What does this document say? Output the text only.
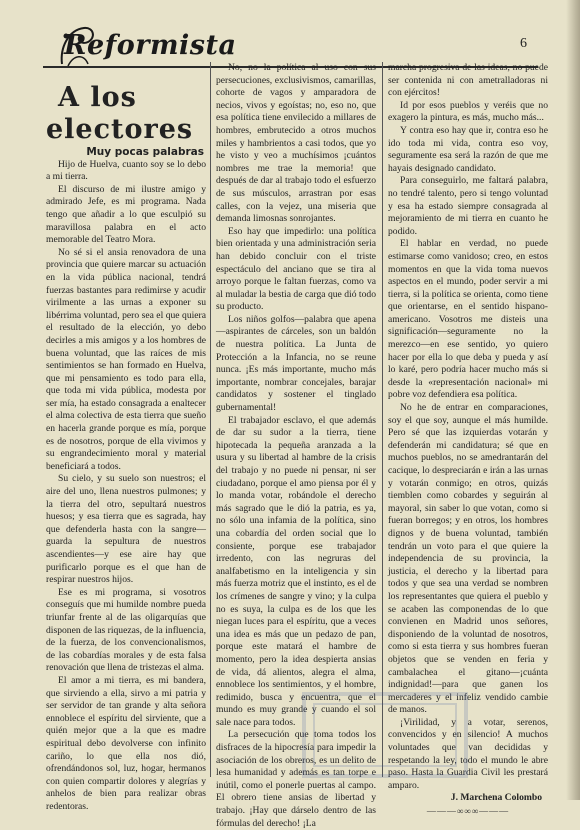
Reformista	6

A los electores

Muy pocas palabras

Hijo de Huelva, cuanto soy se lo debo a mi tierra.

El discurso de mi ilustre amigo y admirado Jefe, es mi programa. Nada tengo que añadir a lo que esculpió su maravillosa palabra en el acto memorable del Teatro Mora.

No sé si el ansia renovadora de una provincia que quiere marcar su actuación en la vida pública nacional, tendrá fuerzas bastantes para redimirse y acudir virilmente a las urnas a exponer su libérrima voluntad, pero sea el que quiera el resultado de la elección, yo debo decirles a mis amigos y a los hombres de buena voluntad, que las raíces de mis sentimientos se han formado en Huelva, que mi pensamiento es todo para ella, que toda mi vida pública, modesta por ser mía, ha estado consagrada a enaltecer el alma colectiva de esta tierra que sueño en hacerla grande porque es mía, porque es de nosotros, porque de ella vivimos y su engrandecimiento moral y material beneficiará a todos.

Su cielo, y su suelo son nuestros; el aire del uno, llena nuestros pulmones; y la tierra del otro, sepultará nuestros huesos; y esa tierra que es sagrada, hay que defenderla hasta con la sangre—guarda la sepultura de nuestros ascendientes—y ese aire hay que purificarlo porque es el que han de respirar nuestros hijos.

Ese es mi programa, si vosotros conseguís que mi humilde nombre pueda triunfar frente al de las oligarquías que disponen de las riquezas, de la influencia, de la fuerza, de los convencionalismos, de las cobardías morales y de esta falsa renovación que llena de tristezas el alma.

El amor a mi tierra, es mi bandera, que sirviendo a ella, sirvo a mi patria y ser servidor de tan grande y alta señora ennoblece el espíritu del sirviente, que a quién mejor que a la que es madre espiritual debo devolverse con infinito cariño, lo que ella nos dió, ofrendándonos sol, luz, hogar, hermanos con quien compartir dolores y alegrías y anhelos de bien para realizar obras redentoras.

No, no la política al uso con sus persecuciones, exclusivismos, camarillas, cohorte de vagos y amparadora de necios, vivos y egoístas; no, eso no, que esa política tiene envilecido a millares de hombres, embrutecido a otros muchos miles y hambrientos a casi todos, que yo he visto y veo a muchísimos ¡cuántos nombres me trae la memoria! que después de dar al trabajo todo el esfuerzo de sus músculos, arrastran por esas calles, con la vejez, una miseria que demanda limosnas sonrojantes.

Eso hay que impedirlo: una política bien orientada y una administración seria han debido concluir con el triste espectáculo del anciano que se tira al arroyo porque le faltan fuerzas, como va al muladar la bestia de carga que dió todo su producto.

Los niños golfos—palabra que apena—aspirantes de cárceles, son un baldón de nuestra política. La Junta de Protección a la Infancia, no se reune nunca. ¡Es más importante, mucho más importante, nombrar concejales, barajar candidatos y sostener el tinglado gubernamental!

El trabajador esclavo, el que además de dar su sudor a la tierra, tiene hipotecada la pequeña aranzada a la usura y su libertad al hambre de la crisis del trabajo y no puede ni pensar, ni ser ciudadano, porque el amo piensa por él y lo manda votar, robándole el derecho más sagrado que le dió la patria, es ya, no sólo una infamia de la política, sino una cobardía del orden social que lo consiente, porque ese trabajador irredento, con las negruras del analfabetismo en la inteligencia y sin más fuerza motriz que el instinto, es el de los crímenes de sangre y vino; y la culpa no es suya, la culpa es de los que les niegan luces para el espíritu, que a veces una idea es más que un pedazo de pan, porque este matará el hambre de momento, pero la idea despierta ansias de vida, dá alientos, alegra el alma, ennoblece los sentimientos, y el hombre, redimido, busca y encuentra, que el mundo es muy grande y cuando el sol sale nace para todos.

La persecución que toma todos los disfraces de la hipocresía para impedir la asociación de los obreros, es un delito de lesa humanidad y además es tan torpe e inútil, como el ponerle puertas al campo. El obrero tiene ansias de libertad y trabajo. ¡Hay que dárselo dentro de las fórmulas del derecho! ¡La

marcha progresiva de las ideas, no puede ser contenida ni con ametralladoras ni con ejércitos!

Id por esos pueblos y veréis que no exagero la pintura, es más, mucho más...

Y contra eso hay que ir, contra eso he ido toda mi vida, contra eso voy, seguramente esa será la razón de que me hayais designado candidato.

Para conseguirlo, me faltará palabra, no tendré talento, pero si tengo voluntad y esa ha estado siempre consagrada al mejoramiento de mi tierra en cuanto he podido.

El hablar en verdad, no puede estimarse como vanidoso; creo, en estos momentos en que la vida toma nuevos aspectos en el mundo, poder servir a mi tierra, si la política se orienta, como tiene que orientarse, en el sentido hispano-americano. Vosotros me disteis una significación—seguramente no la merezco—en ese sentido, yo quiero hacer por ella lo que deba y pueda y así lo karé, pero podría hacer mucho más si desde la «representación nacional» mi pobre voz defendiera esa política.

No he de entrar en comparaciones, soy el que soy, aunque el más humilde. Pero sé que las izquierdas votarán y defenderán mi candidatura; sé que en muchos pueblos, no se amedrantarán del cacique, lo despreciarán e irán a las urnas y votarán conmigo; en otros, quizás tiemblen como cobardes y seguirán al mayoral, sin saber lo que votan, como si fueran borregos; y en otros, los hombres dignos y de buena voluntad, también tendrán un voto para el que quiere la independencia de su provincia, la justicia, el derecho y la libertad para todos y que sea una verdad se nombren los representantes que quiera el pueblo y se acaben las componendas de lo que convienen en Madrid unos señores, disponiendo de la voluntad de nosotros, como si esta tierra y sus hombres fueran objetos que se venden en feria y cambalachea el gitano—¡cuánta indignidad!—para que ganen los mercaderes y el infeliz vendido cambie de manos.

¡Virilidad, y a votar, serenos, convencidos y en silencio! A muchos voluntades que van decididas y respetando la ley, todo el mundo le abre paso. Hasta la Guardia Civil les prestará amparo.

J. Marchena Colombo

———∞∞∞———
